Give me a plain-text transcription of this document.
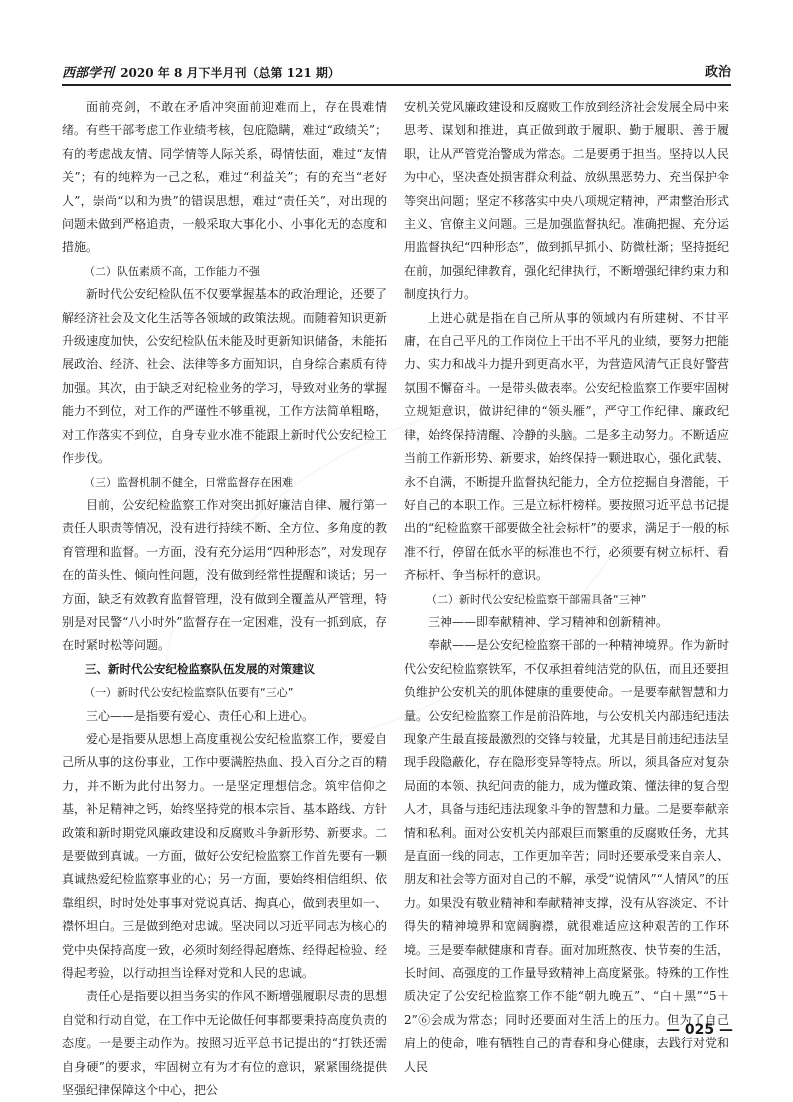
西部学刊 2020 年 8 月下半月刊（总第 121 期）	政治

面前亮剑，不敢在矛盾冲突面前迎难而上，存在畏难情绪。有些干部考虑工作业绩考核，包庇隐瞒，难过“政绩关”；有的考虑战友情、同学情等人际关系，碍情怯面，难过“友情关”；有的纯粹为一己之私，难过“利益关”；有的充当“老好人”，崇尚“以和为贵”的错误思想，难过“责任关”，对出现的问题未做到严格追责，一般采取大事化小、小事化无的态度和措施。

（二）队伍素质不高，工作能力不强

新时代公安纪检队伍不仅要掌握基本的政治理论，还要了解经济社会及文化生活等各领域的政策法规。而随着知识更新升级速度加快，公安纪检队伍未能及时更新知识储备，未能拓展政治、经济、社会、法律等多方面知识，自身综合素质有待加强。其次，由于缺乏对纪检业务的学习，导致对业务的掌握能力不到位，对工作的严谨性不够重视，工作方法简单粗略，对工作落实不到位，自身专业水准不能跟上新时代公安纪检工作步伐。

（三）监督机制不健全，日常监督存在困难

目前，公安纪检监察工作对突出抓好廉洁自律、履行第一责任人职责等情况，没有进行持续不断、全方位、多角度的教育管理和监督。一方面，没有充分运用“四种形态”，对发现存在的苗头性、倾向性问题，没有做到经常性提醒和谈话；另一方面，缺乏有效教育监督管理，没有做到全覆盖从严管理，特别是对民警“八小时外”监督存在一定困难，没有一抓到底，存在时紧时松等问题。

三、新时代公安纪检监察队伍发展的对策建议

（一）新时代公安纪检监察队伍要有“三心”

三心——是指要有爱心、责任心和上进心。

爱心是指要从思想上高度重视公安纪检监察工作，要爱自己所从事的这份事业，工作中要满腔热血、投入百分之百的精力，并不断为此付出努力。一是坚定理想信念。筑牢信仰之基，补足精神之钙，始终坚持党的根本宗旨、基本路线、方针政策和新时期党风廉政建设和反腐败斗争新形势、新要求。二是要做到真诚。一方面，做好公安纪检监察工作首先要有一颗真诚热爱纪检监察事业的心；另一方面，要始终相信组织、依靠组织，时时处处事事对党说真话、掏真心，做到表里如一、襟怀坦白。三是做到绝对忠诚。坚决同以习近平同志为核心的党中央保持高度一致，必须时刻经得起磨炼、经得起检验、经得起考验，以行动担当诠释对党和人民的忠诚。

责任心是指要以担当务实的作风不断增强履职尽责的思想自觉和行动自觉，在工作中无论做任何事都要秉持高度负责的态度。一是要主动作为。按照习近平总书记提出的“打铁还需自身硬”的要求，牢固树立有为才有位的意识，紧紧围绕提供坚强纪律保障这个中心，把公

安机关党风廉政建设和反腐败工作放到经济社会发展全局中来思考、谋划和推进，真正做到敢于履职、勤于履职、善于履职，让从严管党治警成为常态。二是要勇于担当。坚持以人民为中心，坚决查处损害群众利益、放纵黑恶势力、充当保护伞等突出问题；坚定不移落实中央八项规定精神，严肃整治形式主义、官僚主义问题。三是加强监督执纪。准确把握、充分运用监督执纪“四种形态”，做到抓早抓小、防微杜渐；坚持挺纪在前，加强纪律教育，强化纪律执行，不断增强纪律约束力和制度执行力。

上进心就是指在自己所从事的领域内有所建树、不甘平庸，在自己平凡的工作岗位上干出不平凡的业绩，要努力把能力、实力和战斗力提升到更高水平，为营造风清气正良好警营氛围不懈奋斗。一是带头做表率。公安纪检监察工作要牢固树立规矩意识，做讲纪律的“领头雁”，严守工作纪律、廉政纪律，始终保持清醒、冷静的头脑。二是多主动努力。不断适应当前工作新形势、新要求，始终保持一颗进取心，强化武装、永不自满，不断提升监督执纪能力，全方位挖掘自身潜能，干好自己的本职工作。三是立标杆榜样。要按照习近平总书记提出的“纪检监察干部要做全社会标杆”的要求，满足于一般的标准不行，停留在低水平的标准也不行，必须要有树立标杆、看齐标杆、争当标杆的意识。

（二）新时代公安纪检监察干部需具备“三神”

三神——即奉献精神、学习精神和创新精神。

奉献——是公安纪检监察干部的一种精神境界。作为新时代公安纪检监察铁军，不仅承担着纯洁党的队伍，而且还要担负维护公安机关的肌体健康的重要使命。一是要奉献智慧和力量。公安纪检监察工作是前沿阵地，与公安机关内部违纪违法现象产生最直接最激烈的交锋与较量，尤其是目前违纪违法呈现手段隐蔽化，存在隐形变异等特点。所以，须具备应对复杂局面的本领、执纪问责的能力，成为懂政策、懂法律的复合型人才，具备与违纪违法现象斗争的智慧和力量。二是要奉献亲情和私利。面对公安机关内部艰巨而繁重的反腐败任务，尤其是直面一线的同志，工作更加辛苦；同时还要承受来自亲人、朋友和社会等方面对自己的不解，承受“说情风”“人情风”的压力。如果没有敬业精神和奉献精神支撑，没有从容淡定、不计得失的精神境界和宽阔胸襟，就很难适应这种艰苦的工作环境。三是要奉献健康和青春。面对加班熬夜、快节奏的生活，长时间、高强度的工作量导致精神上高度紧张。特殊的工作性质决定了公安纪检监察工作不能“朝九晚五”、“白＋黑”“5＋2”⑥会成为常态；同时还要面对生活上的压力。但为了自己肩上的使命，唯有牺牲自己的青春和身心健康，去践行对党和人民

— 025 —
